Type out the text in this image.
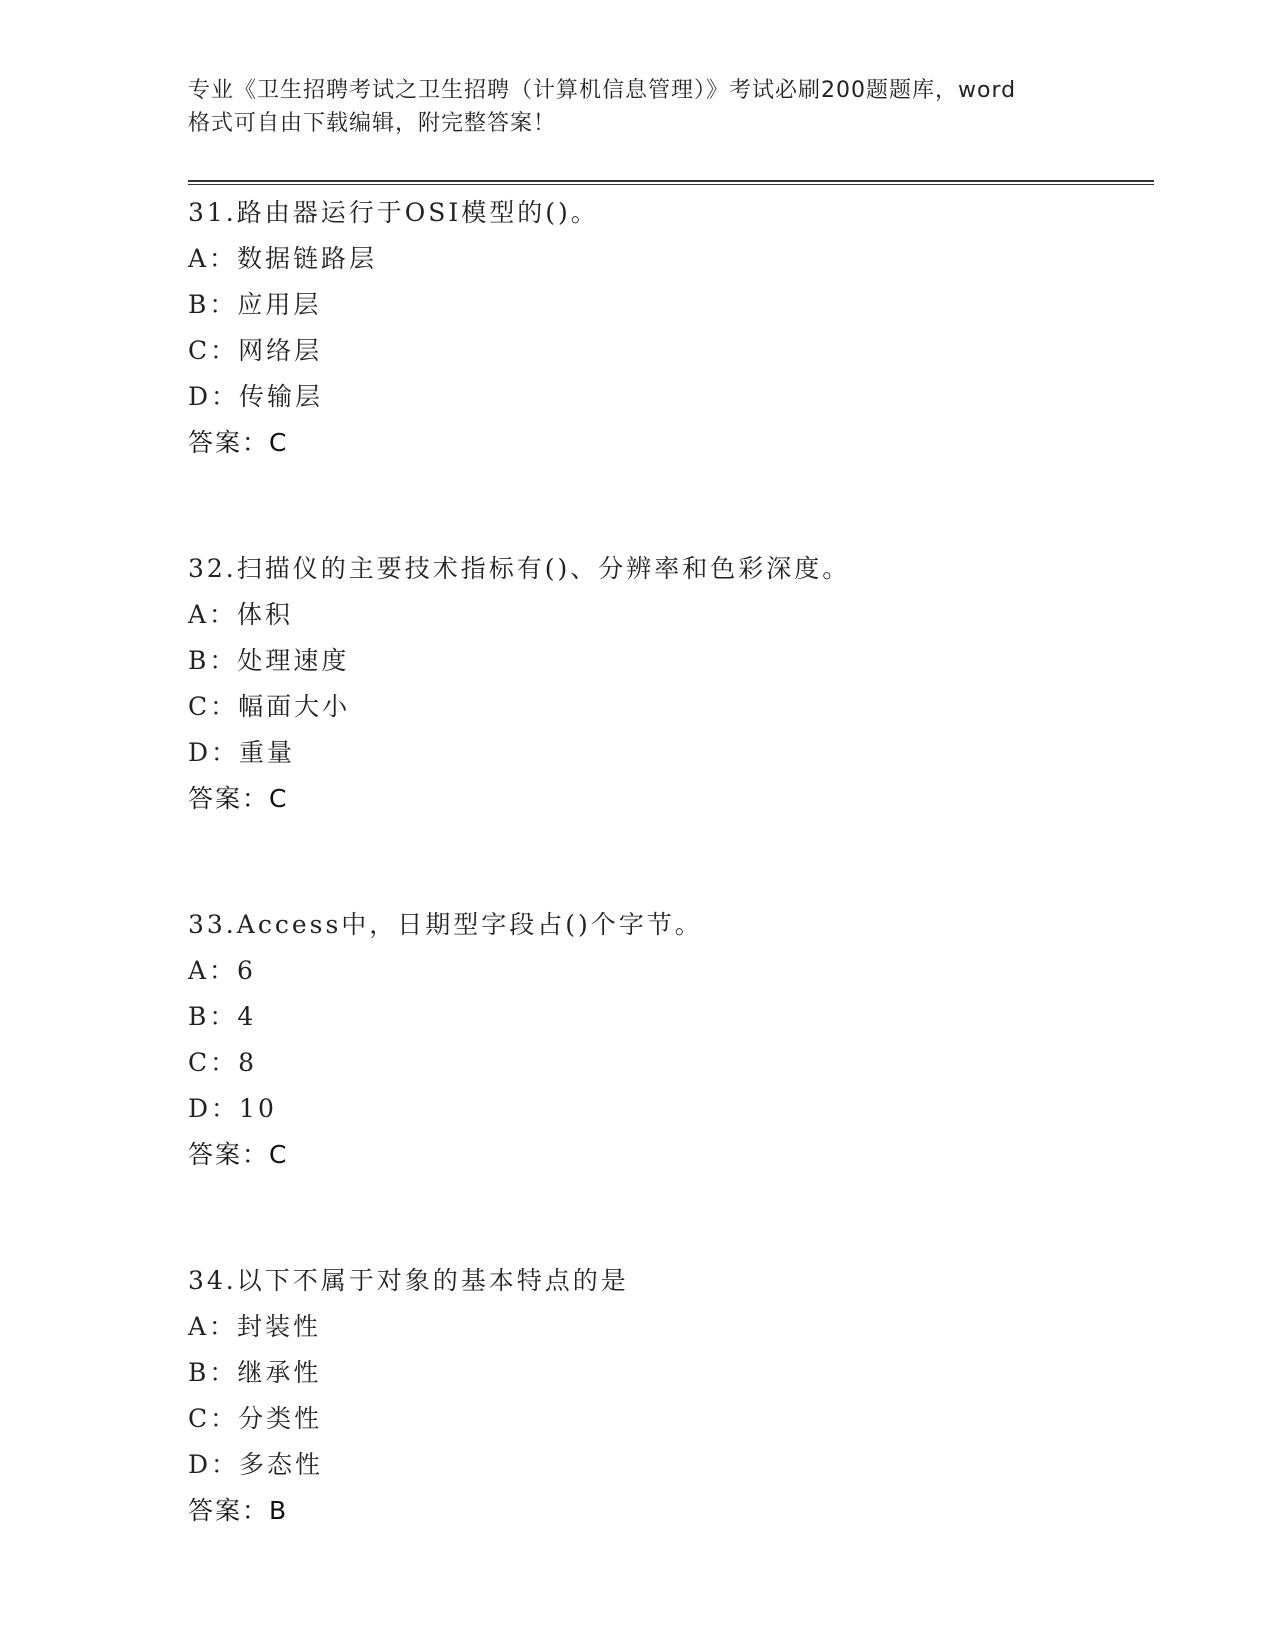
专业《卫生招聘考试之卫生招聘（计算机信息管理）》考试必刷200题题库，word
格式可自由下载编辑，附完整答案！
31.路由器运行于OSI模型的()。
A：数据链路层
B：应用层
C：网络层
D：传输层
答案：C
32.扫描仪的主要技术指标有()、分辨率和色彩深度。
A：体积
B：处理速度
C：幅面大小
D：重量
答案：C
33.Access中，日期型字段占()个字节。
A：6
B：4
C：8
D：10
答案：C
34.以下不属于对象的基本特点的是
A：封装性
B：继承性
C：分类性
D：多态性
答案：B
